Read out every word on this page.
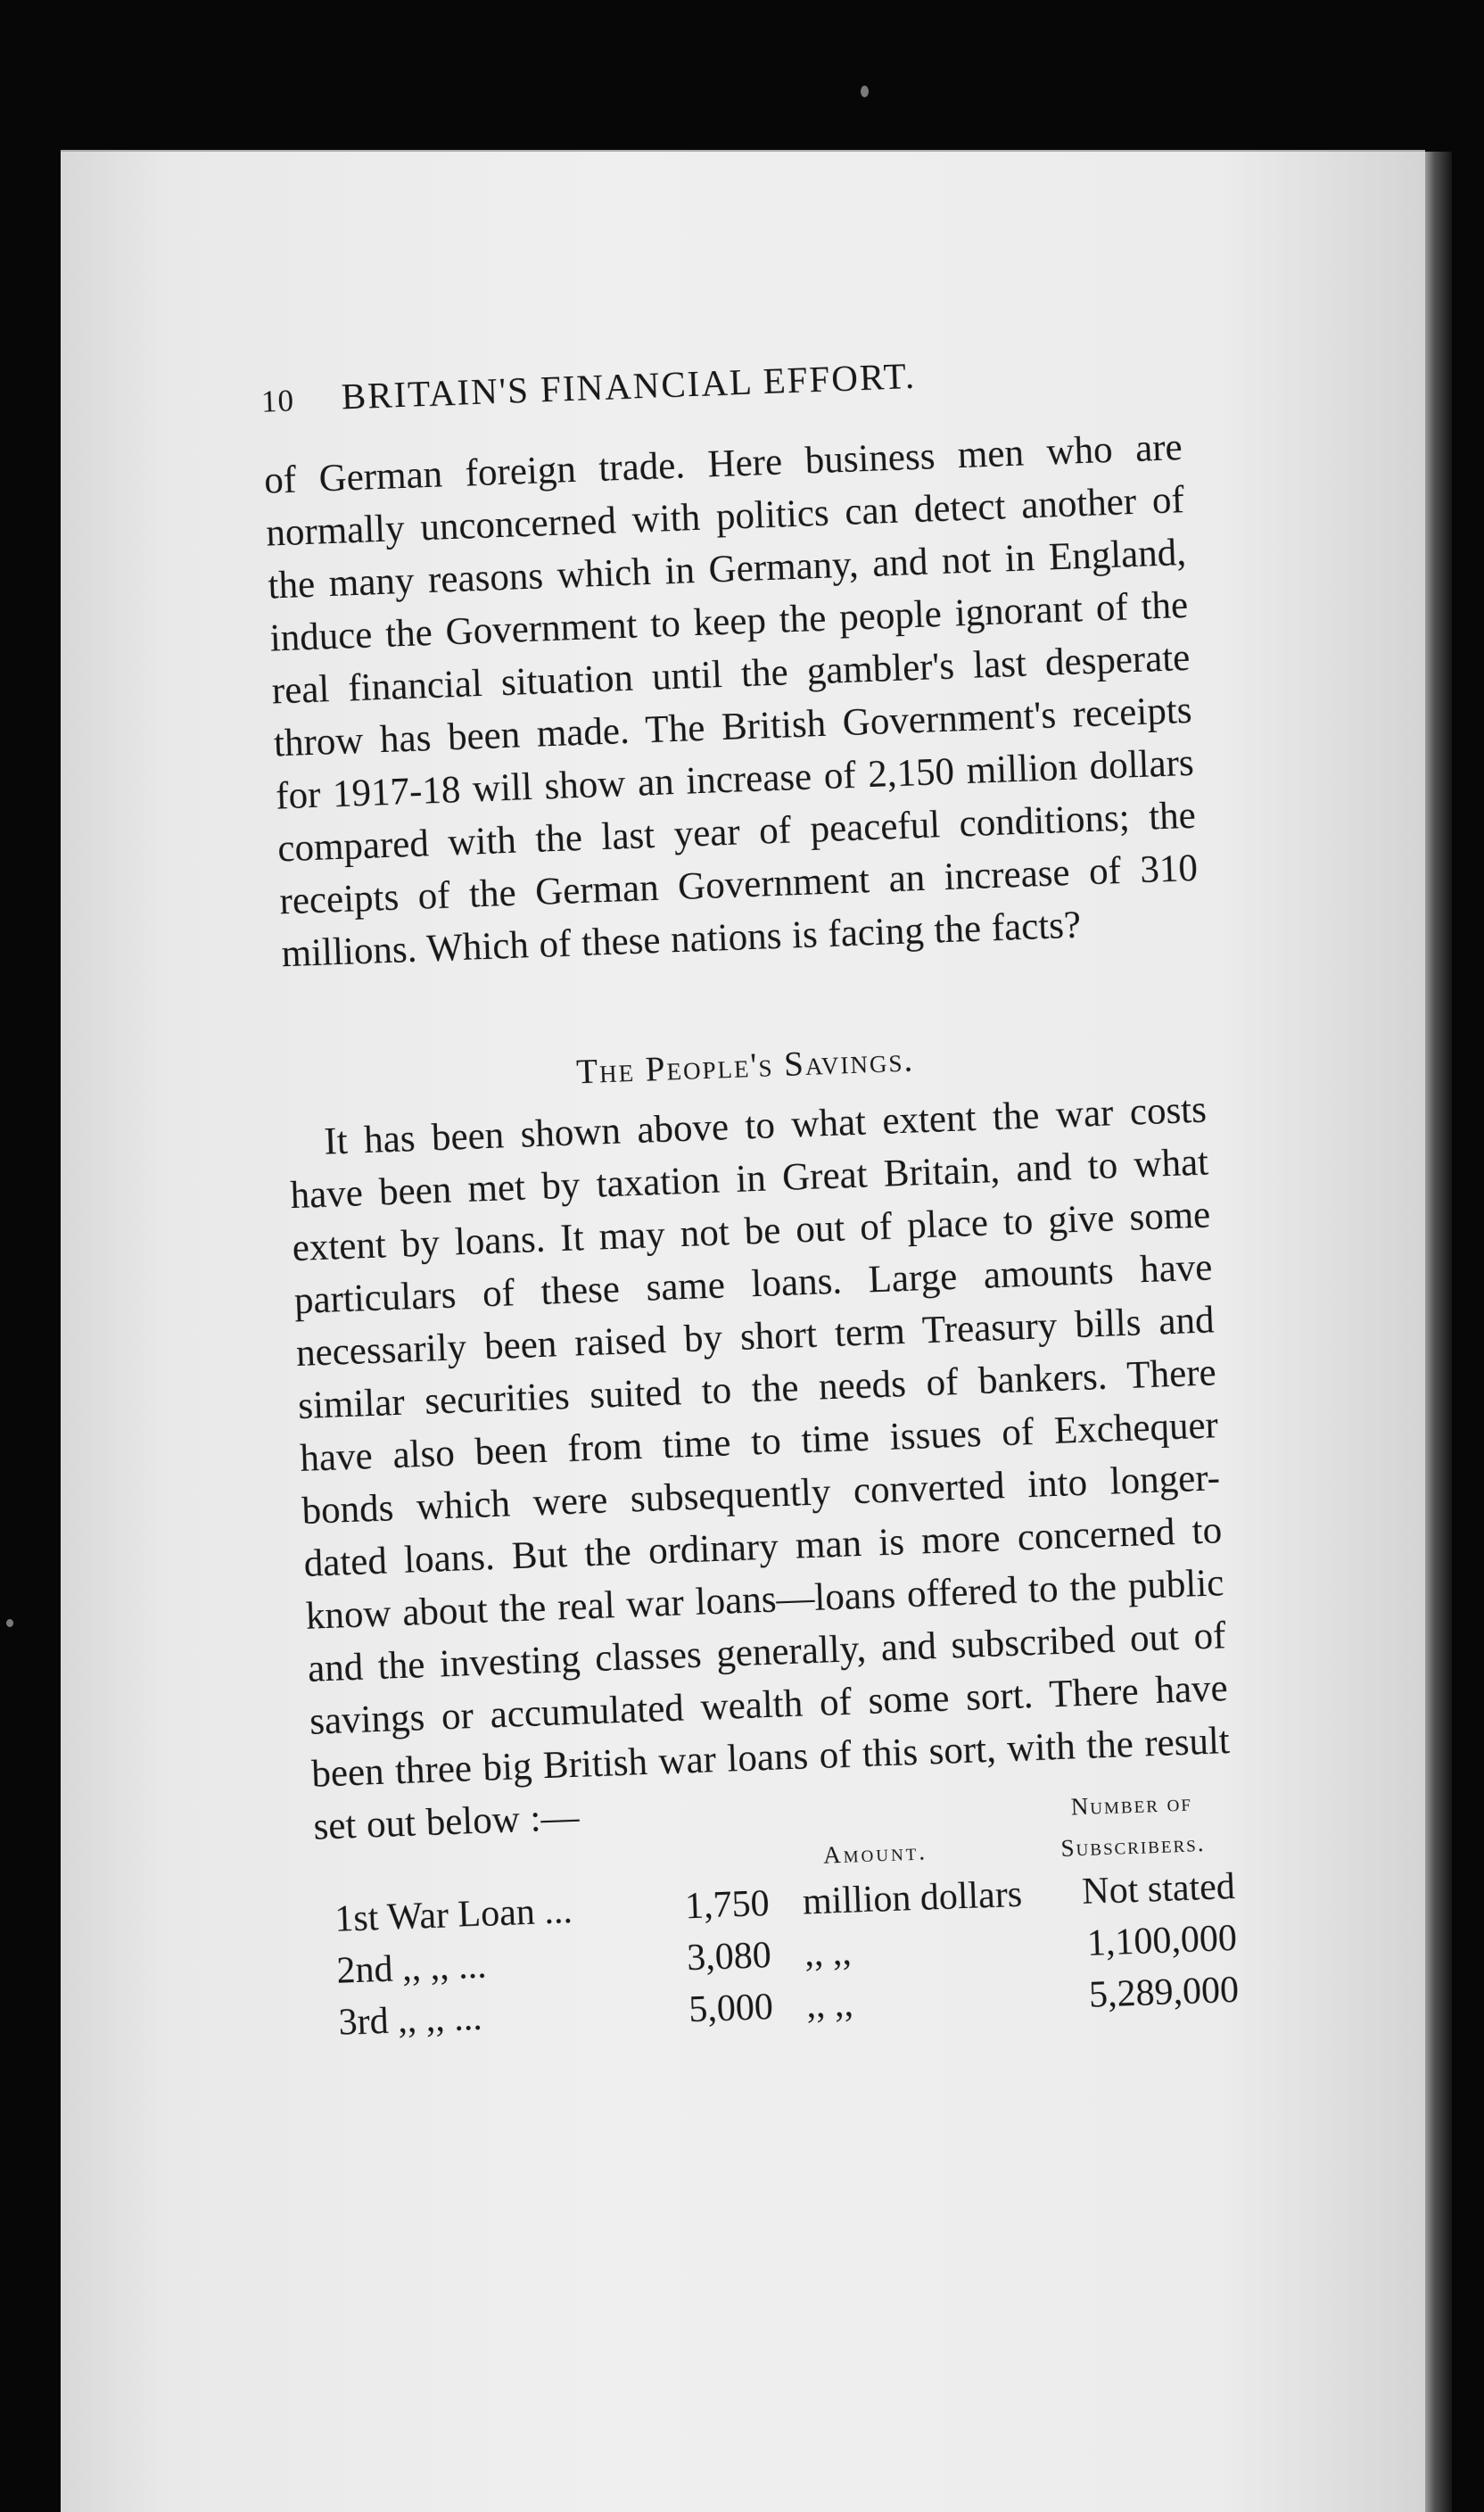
10 BRITAIN'S FINANCIAL EFFORT.

of German foreign trade. Here business men who are normally unconcerned with politics can detect another of the many reasons which in Germany, and not in England, induce the Government to keep the people ignorant of the real financial situation until the gambler's last desperate throw has been made. The British Government's receipts for 1917-18 will show an increase of 2,150 million dollars compared with the last year of peaceful conditions; the receipts of the German Government an increase of 310 millions. Which of these nations is facing the facts?

The People's Savings.

It has been shown above to what extent the war costs have been met by taxation in Great Britain, and to what extent by loans. It may not be out of place to give some particulars of these same loans. Large amounts have necessarily been raised by short term Treasury bills and similar securities suited to the needs of bankers. There have also been from time to time issues of Exchequer bonds which were subsequently converted into longer-dated loans. But the ordinary man is more concerned to know about the real war loans—loans offered to the public and the investing classes generally, and subscribed out of savings or accumulated wealth of some sort. There have been three big British war loans of this sort, with the result set out below :—

Amount.
Number of Subscribers.
1st War Loan ...	1,750 million dollars	Not stated
2nd ,, ,, ...	3,080 ,, ,,	1,100,000
3rd ,, ,, ...	5,000 ,, ,,	5,289,000
